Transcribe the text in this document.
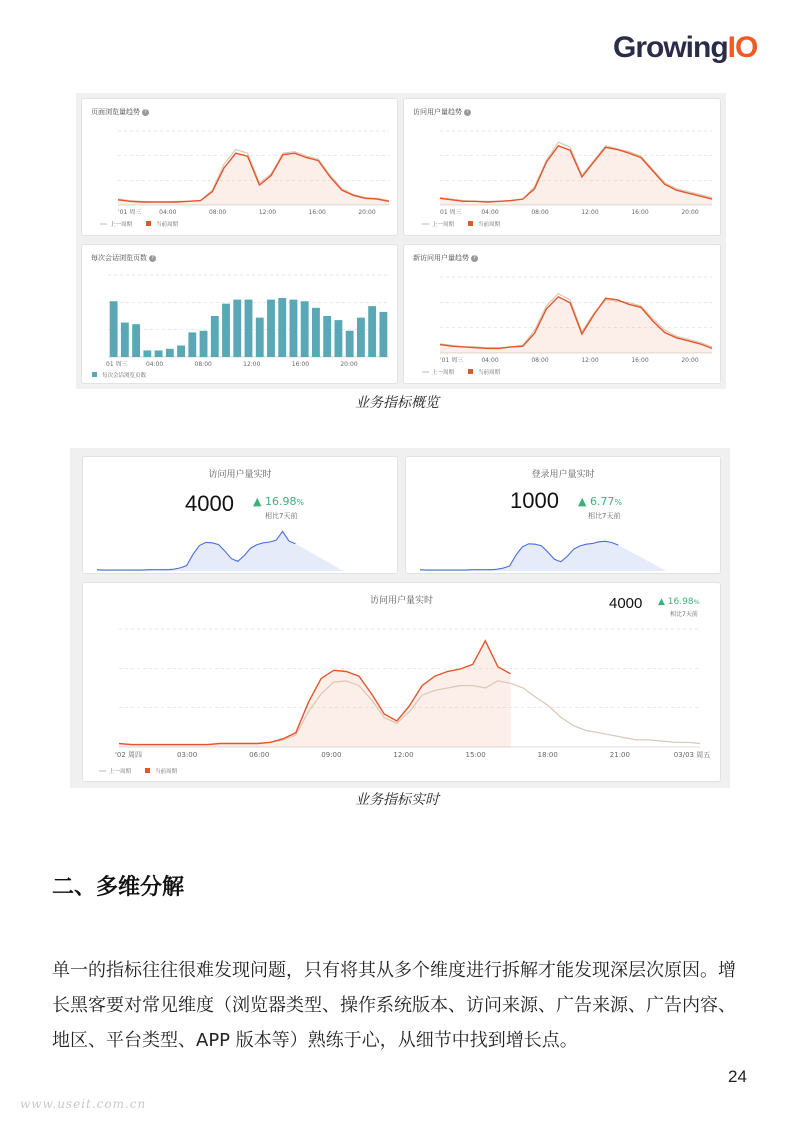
Growing IO
页面浏览量趋势 ?
'01 周三	04:00	08:00	12:00	16:00	20:00
上一周期	当前周期
访问用户量趋势 ?
01 周三	04:00	08:00	12:00	16:00	20:00
上一周期	当前周期
每次会话浏览页数 ?
01 周三	04:00	08:00	12:00	16:00	20:00
每次会话浏览页数
新访问用户量趋势 ?
'01 周三	04:00	08:00	12:00	16:00	20:00
上一周期	当前周期
业务指标概览
访问用户量实时
4000 ▲ 16.98%
相比7天前
登录用户量实时
1000 ▲ 6.77%
相比7天前
访问用户量实时	4000 ▲ 16.98%
相比7天前
'02 周四	03:00	06:00	09:00	12:00	15:00	18:00	21:00	03/03 周五
上一周期	当前周期
业务指标实时
二、多维分解
单一的指标往往很难发现问题，只有将其从多个维度进行拆解才能发现深层次原因。增长黑客要对常见维度（浏览器类型、操作系统版本、访问来源、广告来源、广告内容、地区、平台类型、APP 版本等）熟练于心，从细节中找到增长点。
24
www.useit.com.cn
